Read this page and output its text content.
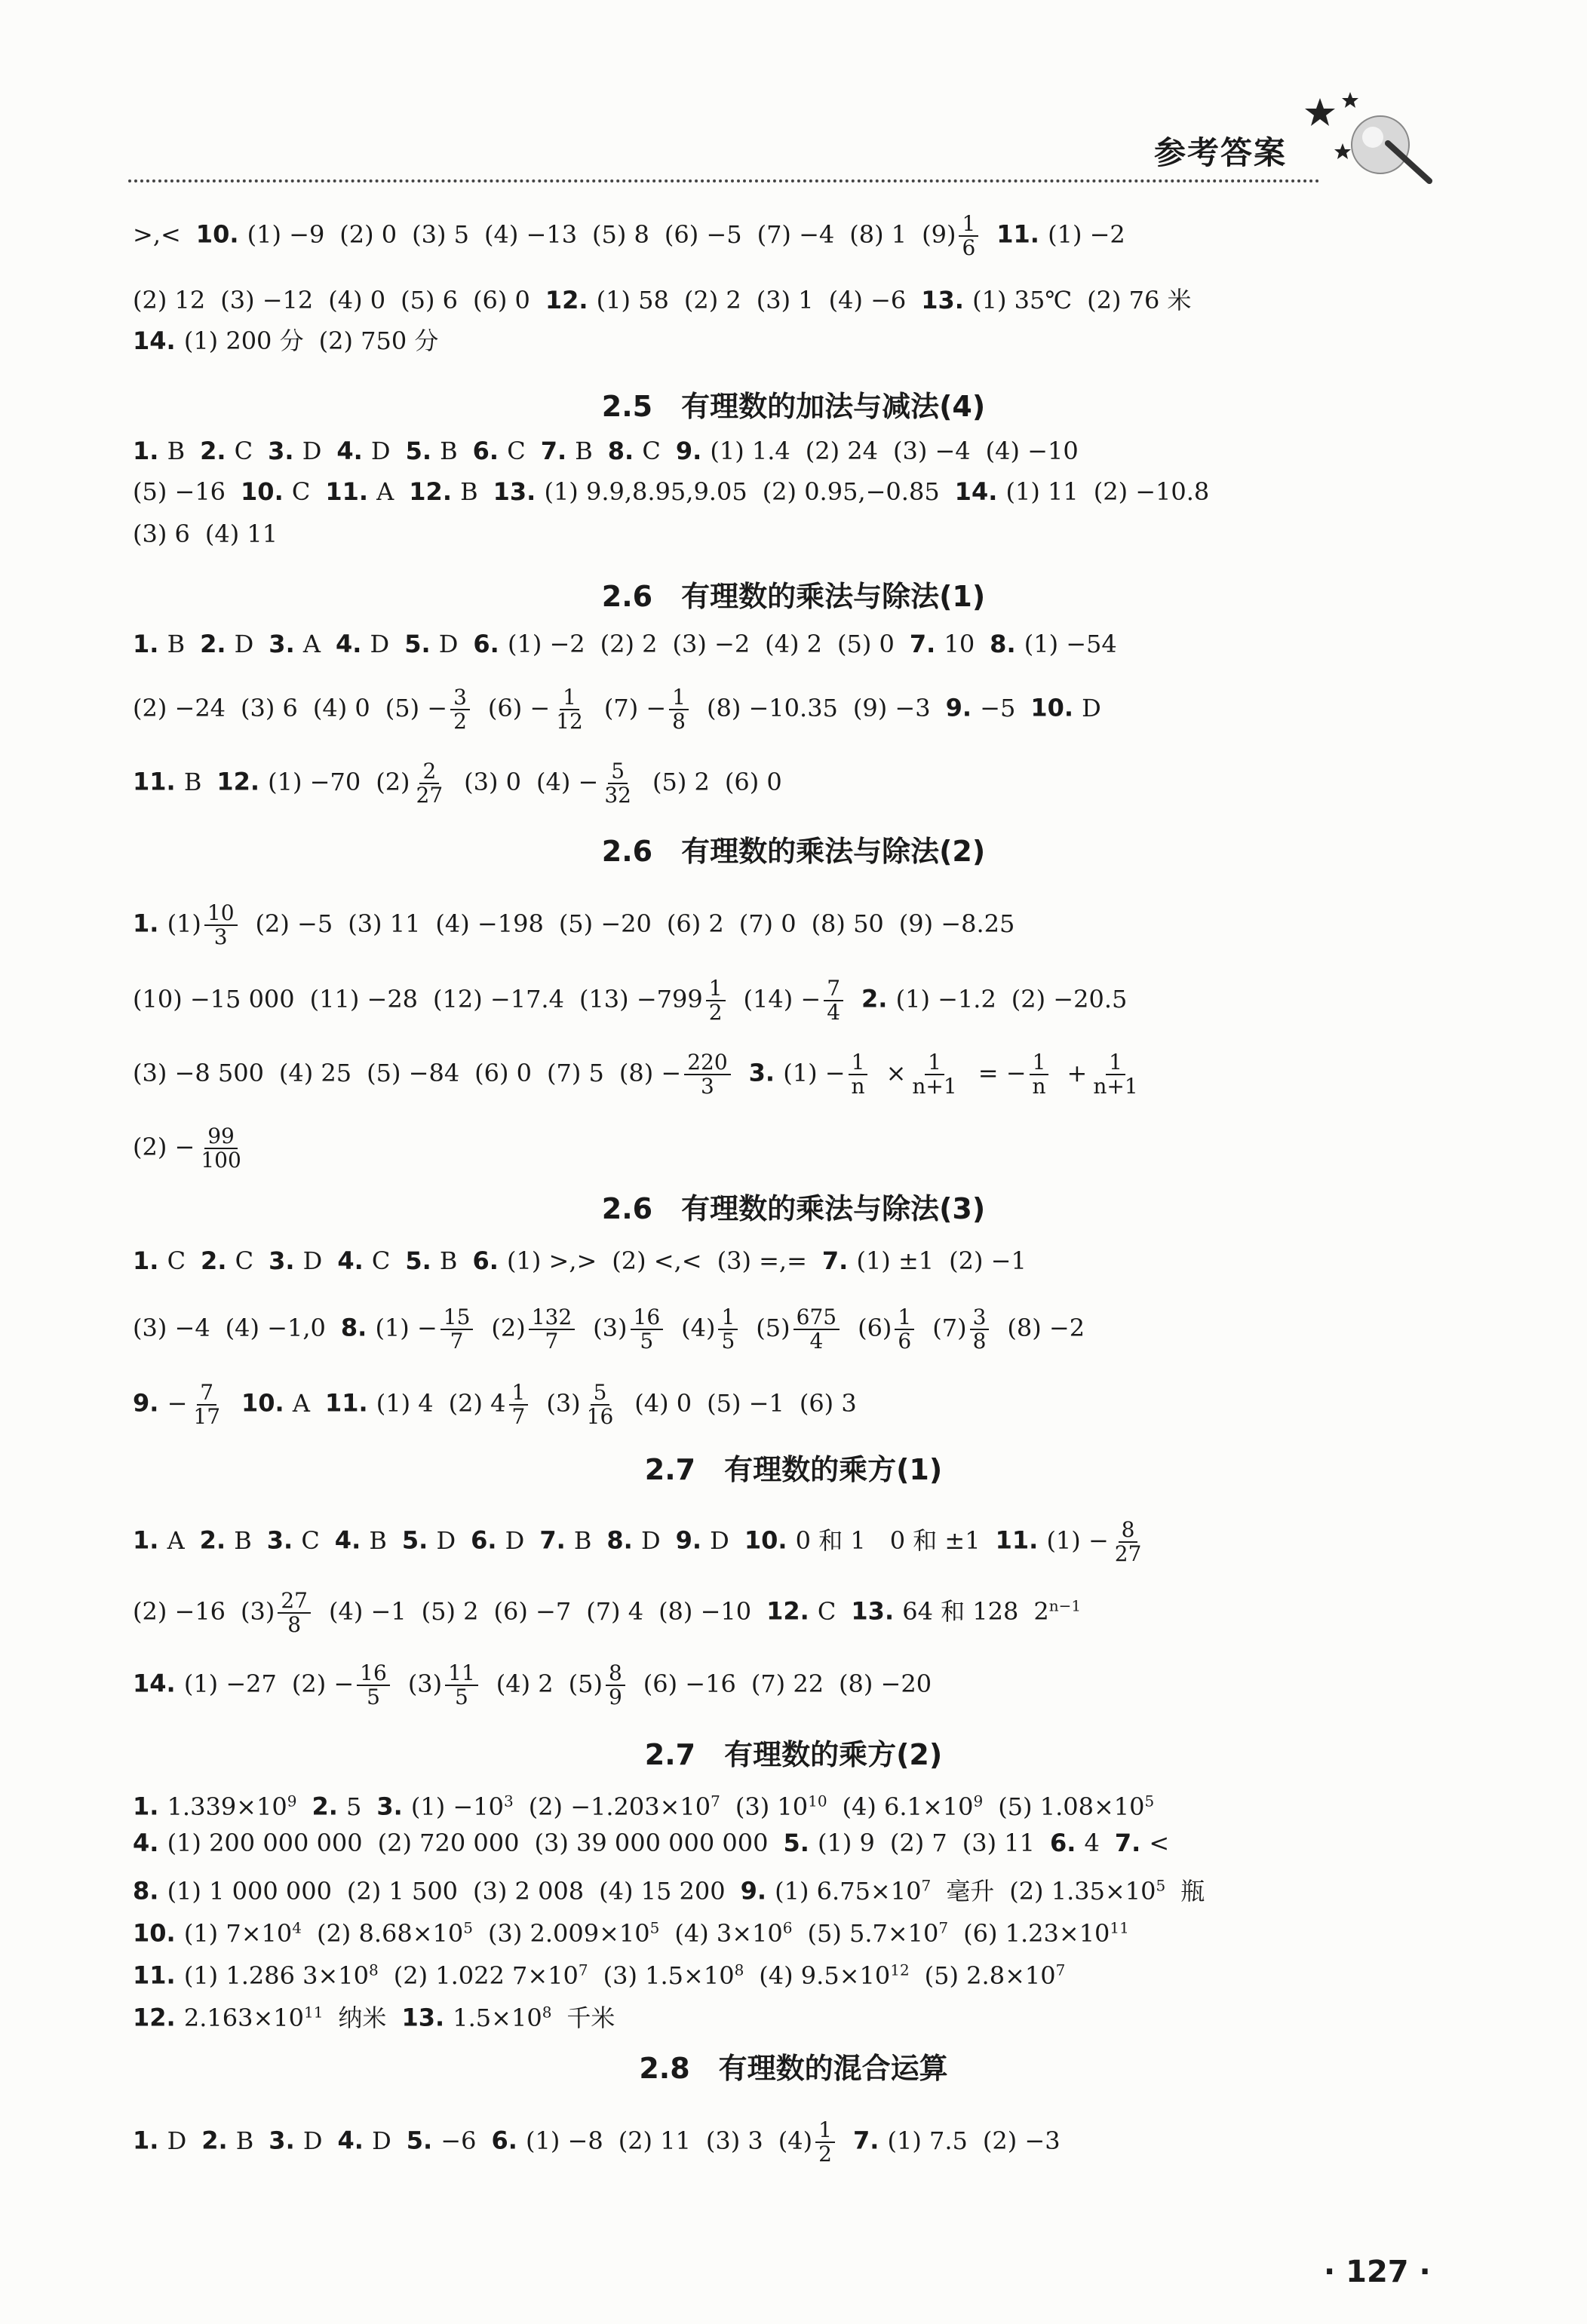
参考答案
>,< 10. (1) −9 (2) 0 (3) 5 (4) −13 (5) 8 (6) −5 (7) −4 (8) 1 $(9) \frac{1}{6} 11$. (1) −2
(2) 12 (3) −12 (4) 0 (5) 6 (6) 0 12. (1) 58 (2) 2 (3) 1 (4) −6 13. (1) 35℃ (2) 76 米
14. (1) 200 分 (2) 750 分
2.5　有理数的加法与减法(4)
1. B 2. C 3. D 4. D 5. B 6. C 7. B 8. C 9. (1) 1.4 (2) 24 (3) −4 (4) −10
(5) −16 10. C 11. A 12. B 13. (1) 9.9,8.95,9.05 (2) 0.95,−0.85 14. (1) 11 (2) −10.8
(3) 6 (4) 11
2.6　有理数的乘法与除法(1)
1. B 2. D 3. A 4. D 5. D 6. (1) −2 (2) 2 (3) −2 (4) 2 (5) 0 7. 10 8. (1) −54
(2) −24 (3) 6 (4) 0 $(5) - \frac{3}{2} (6) - \frac{1}{12} (7) - \frac{1}{8} (8) -10.35$ (9) −3 9. −5 10. D
11. B 12. (1) −70 $(2) \frac{2}{27} (3)$ 0 $(4) - \frac{5}{32} (5)$ 2 (6) 0
2.6　有理数的乘法与除法(2)
1. $(1) \frac{10}{3} (2) -5$ (3) 11 (4) −198 (5) −20 (6) 2 (7) 0 (8) 50 (9) −8.25
(10) −15 000 (11) −28 (12) −17.4 $(13) -799 \frac{1}{2} (14) - \frac{7}{4} 2$. (1) −1.2 (2) −20.5
(3) −8 500 (4) 25 (5) −84 (6) 0 (7) 5 $(8) - \frac{220}{3} 3$. $(1) - \frac{1}{n} \times \frac{1}{n+1}$ = − $\frac{1}{n} + \frac{1}{n+1}$
$(2) - \frac{99}{100}$
2.6　有理数的乘法与除法(3)
1. C 2. C 3. D 4. C 5. B 6. (1) >,> (2) <,< (3) =,= 7. (1) ±1 (2) −1
(3) −4 (4) −1,0 8. $(1) - \frac{15}{7} (2) \frac{132}{7} (3) \frac{16}{5} (4) \frac{1}{5} (5) \frac{675}{4} (6) \frac{1}{6} (7) \frac{3}{8} (8) -2$
9. − $\frac{7}{17} 10$. A 11. (1) 4 (2) $4 \frac{1}{7} (3) \frac{5}{16} (4)$ 0 (5) −1 (6) 3
2.7　有理数的乘方(1)
1. A 2. B 3. C 4. B 5. D 6. D 7. B 8. D 9. D 10. 0 和 1　0 和 ±1 11. $(1) - \frac{8}{27}$
(2) −16 $(3) \frac{27}{8} (4) -1$ (5) 2 (6) −7 (7) 4 (8) −10 12. C 13. 64 和 128 $2^{n-1}$
14. (1) −27 $(2) - \frac{16}{5} (3) \frac{11}{5} (4)$ 2 $(5) \frac{8}{9} (6) -16$ (7) 22 (8) −20
2.7　有理数的乘方(2)
1. $1.339\times 10^9$ 2. 5 3. $(1) -10^3$ $(2) -1.203\times 10^7$ (3) $10^{10}$ (4) $6.1\times 10^9$ (5) $1.08\times 10^5$
4. (1) 200 000 000 (2) 720 000 (3) 39 000 000 000 5. (1) 9 (2) 7 (3) 11 6. 4 7. <
8. (1) 1 000 000 (2) 1 500 (3) 2 008 (4) 15 200 9. (1) $6.75\times 10^7$ 毫升 (2) $1.35\times 10^5$ 瓶
10. (1) $7\times 10^4$ (2) $8.68\times 10^5$ (3) $2.009\times 10^5$ (4) $3\times 10^6$ (5) $5.7\times 10^7$ (6) $1.23\times 10^{11}$
11. (1) 1.286 $3\times 10^8$ (2) 1.022 $7\times 10^7$ (3) $1.5\times 10^8$ (4) $9.5\times 10^{12}$ (5) $2.8\times 10^7$
12. $2.163\times 10^{11}$ 纳米 13. $1.5\times 10^8$ 千米
2.8　有理数的混合运算
1. D 2. B 3. D 4. D 5. −6 6. (1) −8 (2) 11 (3) 3 $(4) \frac{1}{2} 7$. (1) 7.5 (2) −3
· 127 ·
